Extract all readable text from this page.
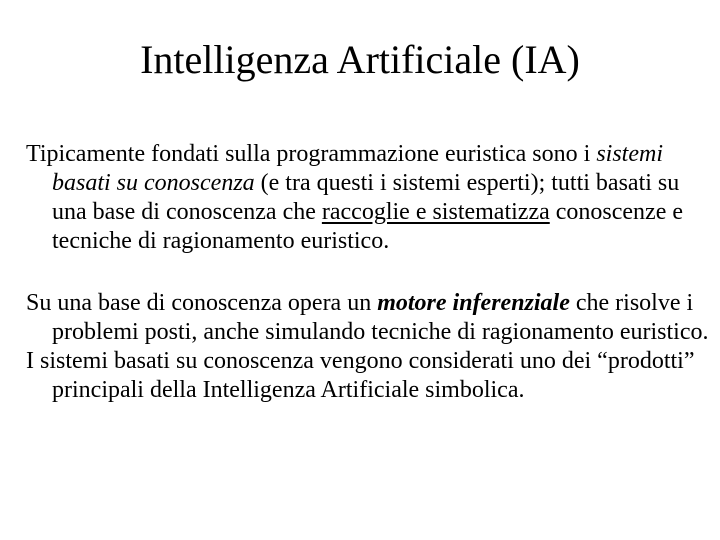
Intelligenza Artificiale (IA)

Tipicamente fondati sulla programmazione euristica sono i sistemi basati su conoscenza (e tra questi i sistemi esperti); tutti basati su una base di conoscenza che raccoglie e sistematizza conoscenze e tecniche di ragionamento euristico.

Su una base di conoscenza opera un motore inferenziale che risolve i problemi posti, anche simulando tecniche di ragionamento euristico.

I sistemi basati su conoscenza vengono considerati uno dei “prodotti” principali della Intelligenza Artificiale simbolica.
